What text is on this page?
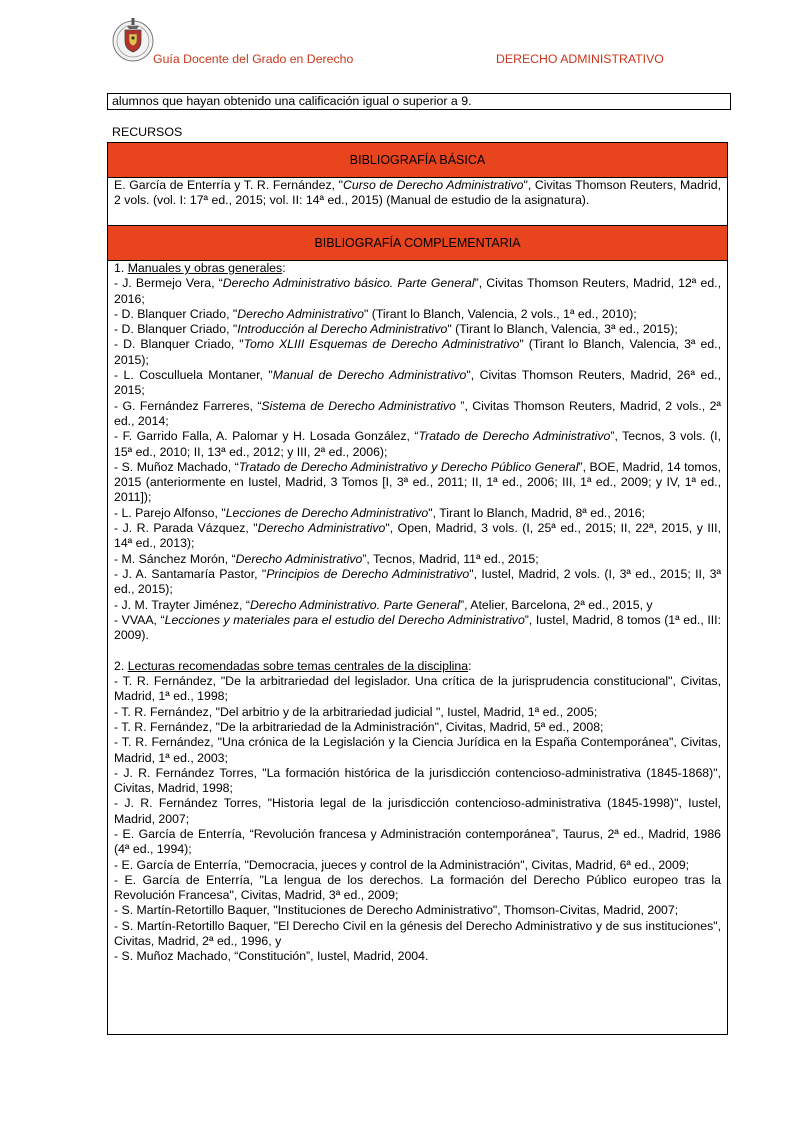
Guía Docente del Grado en Derecho	DERECHO ADMINISTRATIVO
alumnos que hayan obtenido una calificación igual o superior a 9.
RECURSOS
BIBLIOGRAFÍA BÁSICA
E. García de Enterría y T. R. Fernández, "Curso de Derecho Administrativo", Civitas Thomson Reuters, Madrid, 2 vols. (vol. I: 17ª ed., 2015; vol. II: 14ª ed., 2015) (Manual de estudio de la asignatura).
BIBLIOGRAFÍA COMPLEMENTARIA

1. Manuales y obras generales:
- J. Bermejo Vera, “Derecho Administrativo básico. Parte General”, Civitas Thomson Reuters, Madrid, 12ª ed., 2016;
- D. Blanquer Criado, "Derecho Administrativo" (Tirant lo Blanch, Valencia, 2 vols., 1ª ed., 2010);
- D. Blanquer Criado, "Introducción al Derecho Administrativo" (Tirant lo Blanch, Valencia, 3ª ed., 2015);
- D. Blanquer Criado, "Tomo XLIII Esquemas de Derecho Administrativo" (Tirant lo Blanch, Valencia, 3ª ed., 2015);
- L. Cosculluela Montaner, "Manual de Derecho Administrativo", Civitas Thomson Reuters, Madrid, 26ª ed., 2015;
- G. Fernández Farreres, “Sistema de Derecho Administrativo ”, Civitas Thomson Reuters, Madrid, 2 vols., 2ª ed., 2014;
- F. Garrido Falla, A. Palomar y H. Losada González, “Tratado de Derecho Administrativo”, Tecnos, 3 vols. (I, 15ª ed., 2010; II, 13ª ed., 2012; y III, 2ª ed., 2006);
- S. Muñoz Machado, “Tratado de Derecho Administrativo y Derecho Público General”, BOE, Madrid, 14 tomos, 2015 (anteriormente en Iustel, Madrid, 3 Tomos [I, 3ª ed., 2011; II, 1ª ed., 2006; III, 1ª ed., 2009; y IV, 1ª ed., 2011]);
- L. Parejo Alfonso, "Lecciones de Derecho Administrativo", Tirant lo Blanch, Madrid, 8ª ed., 2016;
- J. R. Parada Vázquez, "Derecho Administrativo", Open, Madrid, 3 vols. (I, 25ª ed., 2015; II, 22ª, 2015, y III, 14ª ed., 2013);
- M. Sánchez Morón, “Derecho Administrativo”, Tecnos, Madrid, 11ª ed., 2015;
- J. A. Santamaría Pastor, "Principios de Derecho Administrativo", Iustel, Madrid, 2 vols. (I, 3ª ed., 2015; II, 3ª ed., 2015);
- J. M. Trayter Jiménez, “Derecho Administrativo. Parte General”, Atelier, Barcelona, 2ª ed., 2015, y
- VVAA, “Lecciones y materiales para el estudio del Derecho Administrativo”, Iustel, Madrid, 8 tomos (1ª ed., III: 2009).
2. Lecturas recomendadas sobre temas centrales de la disciplina:
- T. R. Fernández, "De la arbitrariedad del legislador. Una crítica de la jurisprudencia constitucional", Civitas, Madrid, 1ª ed., 1998;
- T. R. Fernández, "Del arbitrio y de la arbitrariedad judicial ", Iustel, Madrid, 1ª ed., 2005;
- T. R. Fernández, "De la arbitrariedad de la Administración", Civitas, Madrid, 5ª ed., 2008;
- T. R. Fernández, "Una crónica de la Legislación y la Ciencia Jurídica en la España Contemporánea", Civitas, Madrid, 1ª ed., 2003;
- J. R. Fernández Torres, "La formación histórica de la jurisdicción contencioso-administrativa (1845-1868)", Civitas, Madrid, 1998;
- J. R. Fernández Torres, "Historia legal de la jurisdicción contencioso-administrativa (1845-1998)", Iustel, Madrid, 2007;
- E. García de Enterría, “Revolución francesa y Administración contemporánea”, Taurus, 2ª ed., Madrid, 1986 (4ª ed., 1994);
- E. García de Enterría, "Democracia, jueces y control de la Administración", Civitas, Madrid, 6ª ed., 2009;
- E. García de Enterría, "La lengua de los derechos. La formación del Derecho Público europeo tras la Revolución Francesa", Civitas, Madrid, 3ª ed., 2009;
- S. Martín-Retortillo Baquer, "Instituciones de Derecho Administrativo", Thomson-Civitas, Madrid, 2007;
- S. Martín-Retortillo Baquer, "El Derecho Civil en la génesis del Derecho Administrativo y de sus instituciones", Civitas, Madrid, 2ª ed., 1996, y
- S. Muñoz Machado, “Constitución”, Iustel, Madrid, 2004.
